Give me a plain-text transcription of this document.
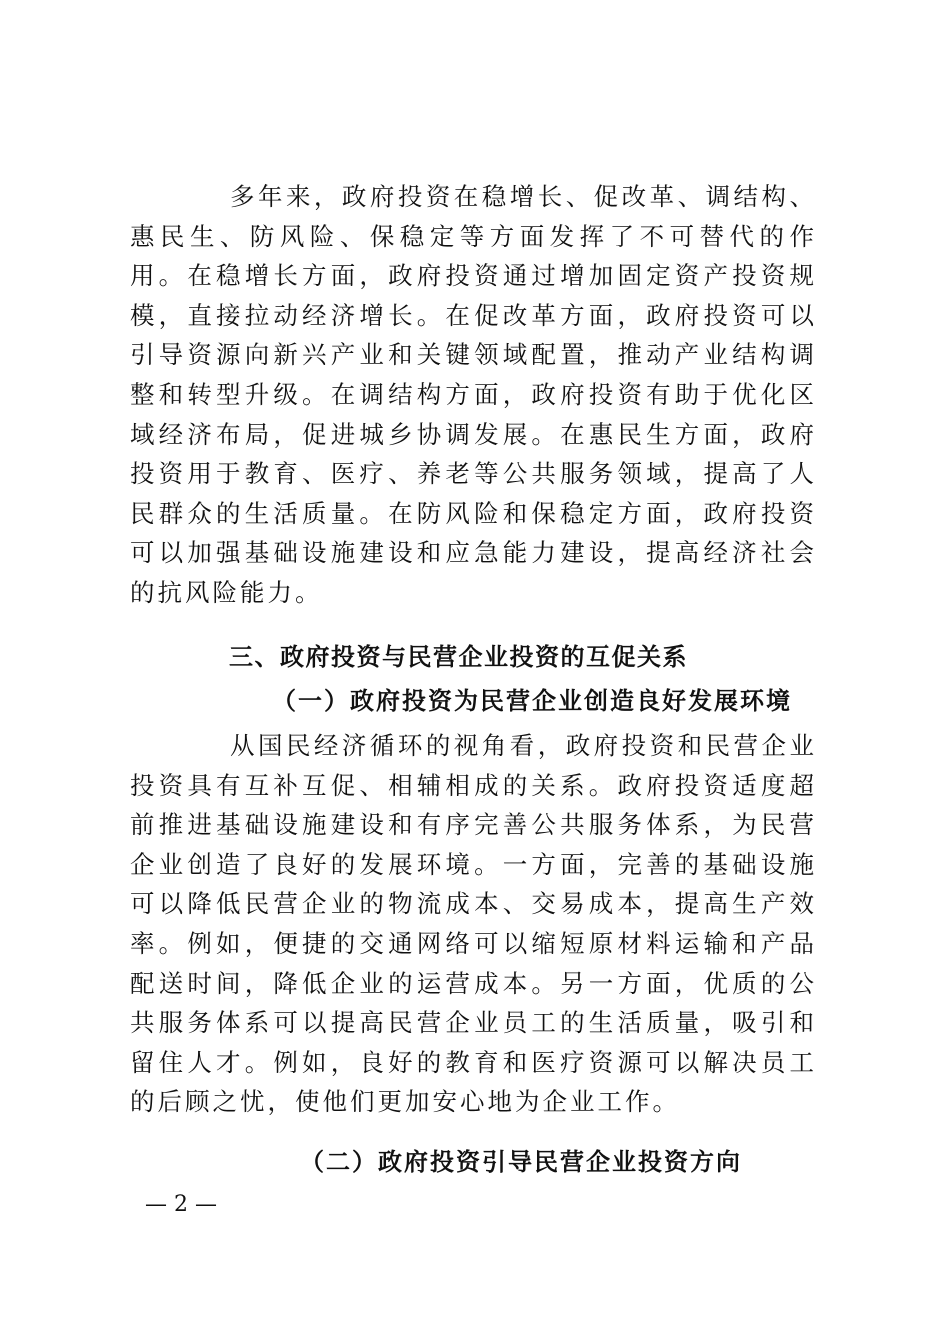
多年来，政府投资在稳增长、促改革、调结构、惠民生、防风险、保稳定等方面发挥了不可替代的作用。在稳增长方面，政府投资通过增加固定资产投资规模，直接拉动经济增长。在促改革方面，政府投资可以引导资源向新兴产业和关键领域配置，推动产业结构调整和转型升级。在调结构方面，政府投资有助于优化区域经济布局，促进城乡协调发展。在惠民生方面，政府投资用于教育、医疗、养老等公共服务领域，提高了人民群众的生活质量。在防风险和保稳定方面，政府投资可以加强基础设施建设和应急能力建设，提高经济社会的抗风险能力。

三、政府投资与民营企业投资的互促关系
（一）政府投资为民营企业创造良好发展环境

从国民经济循环的视角看，政府投资和民营企业投资具有互补互促、相辅相成的关系。政府投资适度超前推进基础设施建设和有序完善公共服务体系，为民营企业创造了良好的发展环境。一方面，完善的基础设施可以降低民营企业的物流成本、交易成本，提高生产效率。例如，便捷的交通网络可以缩短原材料运输和产品配送时间，降低企业的运营成本。另一方面，优质的公共服务体系可以提高民营企业员工的生活质量，吸引和留住人才。例如，良好的教育和医疗资源可以解决员工的后顾之忧，使他们更加安心地为企业工作。

（二）政府投资引导民营企业投资方向
— 2 —
